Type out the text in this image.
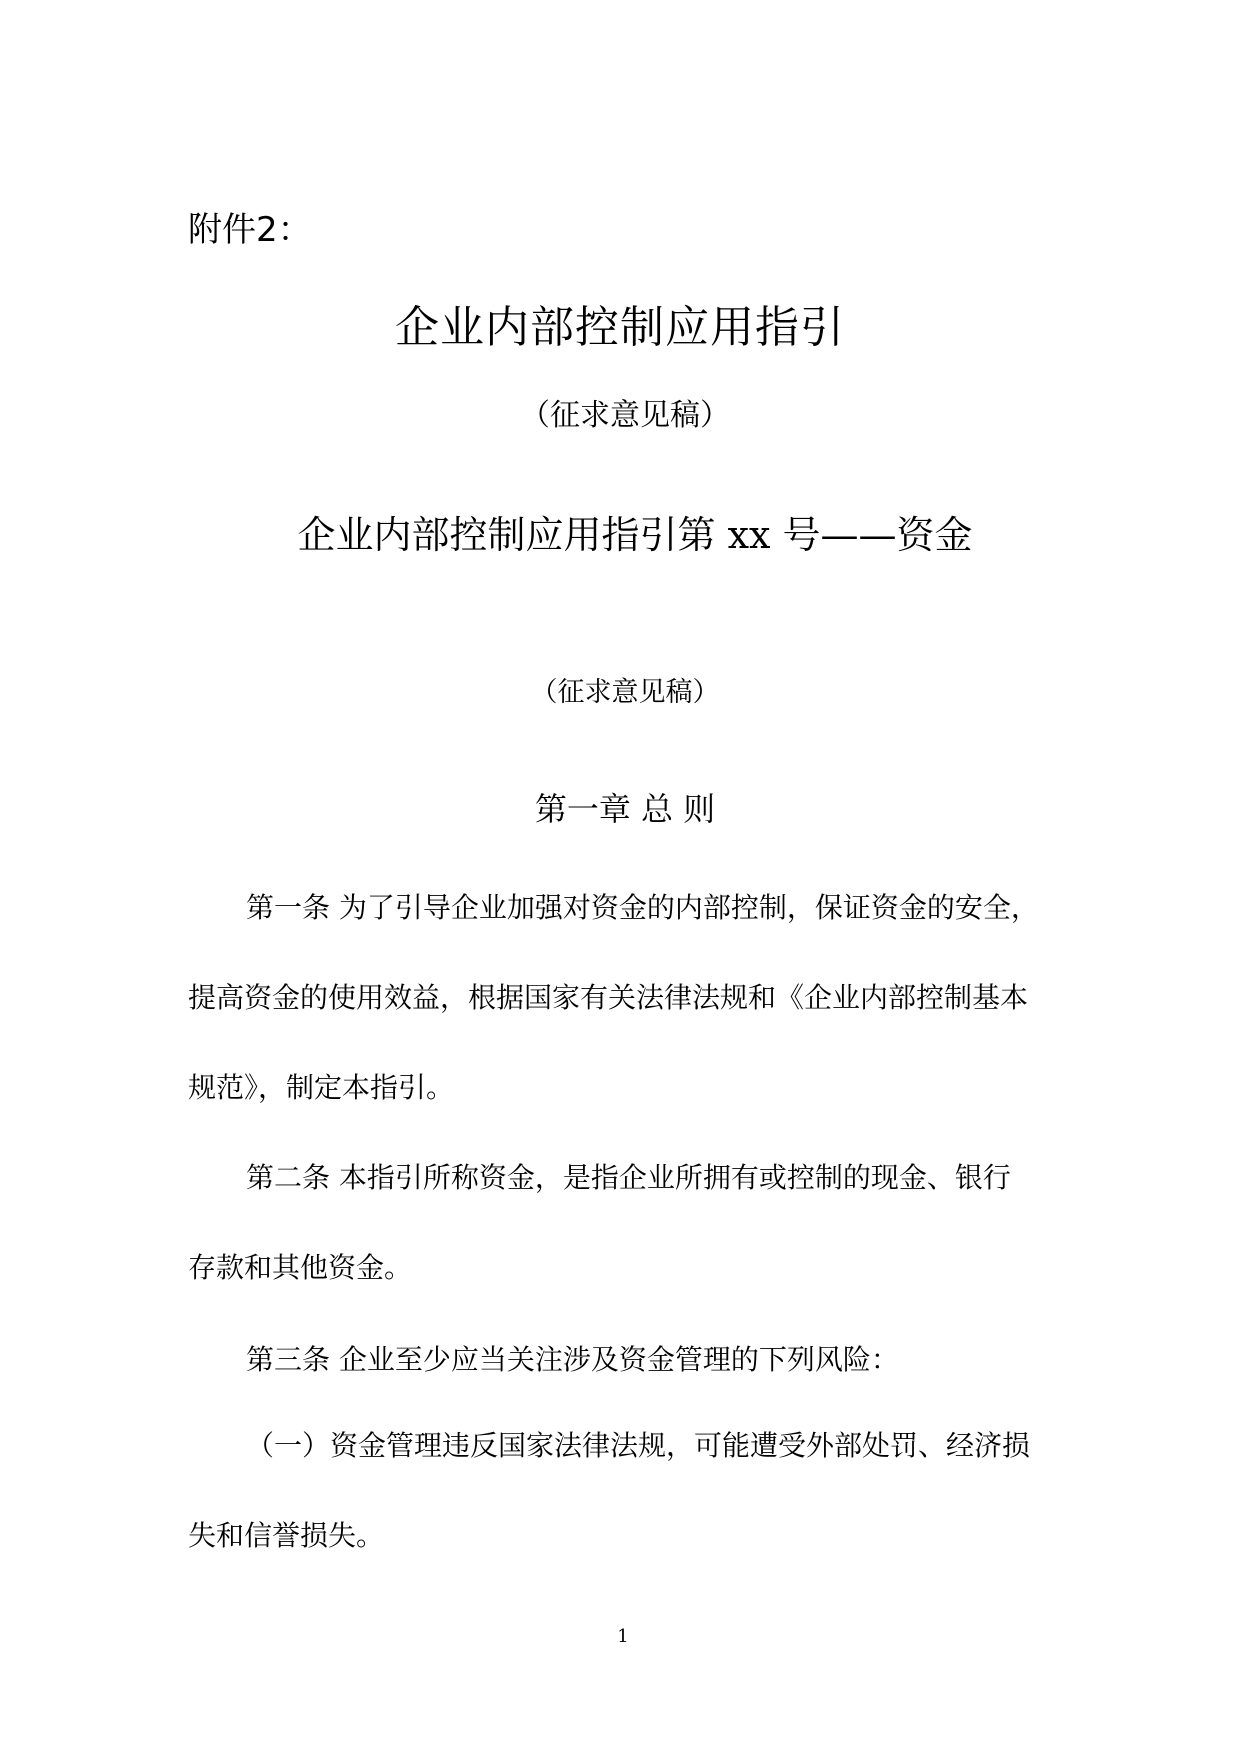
附件2：
企业内部控制应用指引
（征求意见稿）
企业内部控制应用指引第 xx 号——资金
（征求意见稿）
第一章 总 则
第一条 为了引导企业加强对资金的内部控制，保证资金的安全，
提高资金的使用效益，根据国家有关法律法规和《企业内部控制基本
规范》，制定本指引。
第二条 本指引所称资金，是指企业所拥有或控制的现金、银行
存款和其他资金。
第三条 企业至少应当关注涉及资金管理的下列风险：
（一）资金管理违反国家法律法规，可能遭受外部处罚、经济损
失和信誉损失。
1
